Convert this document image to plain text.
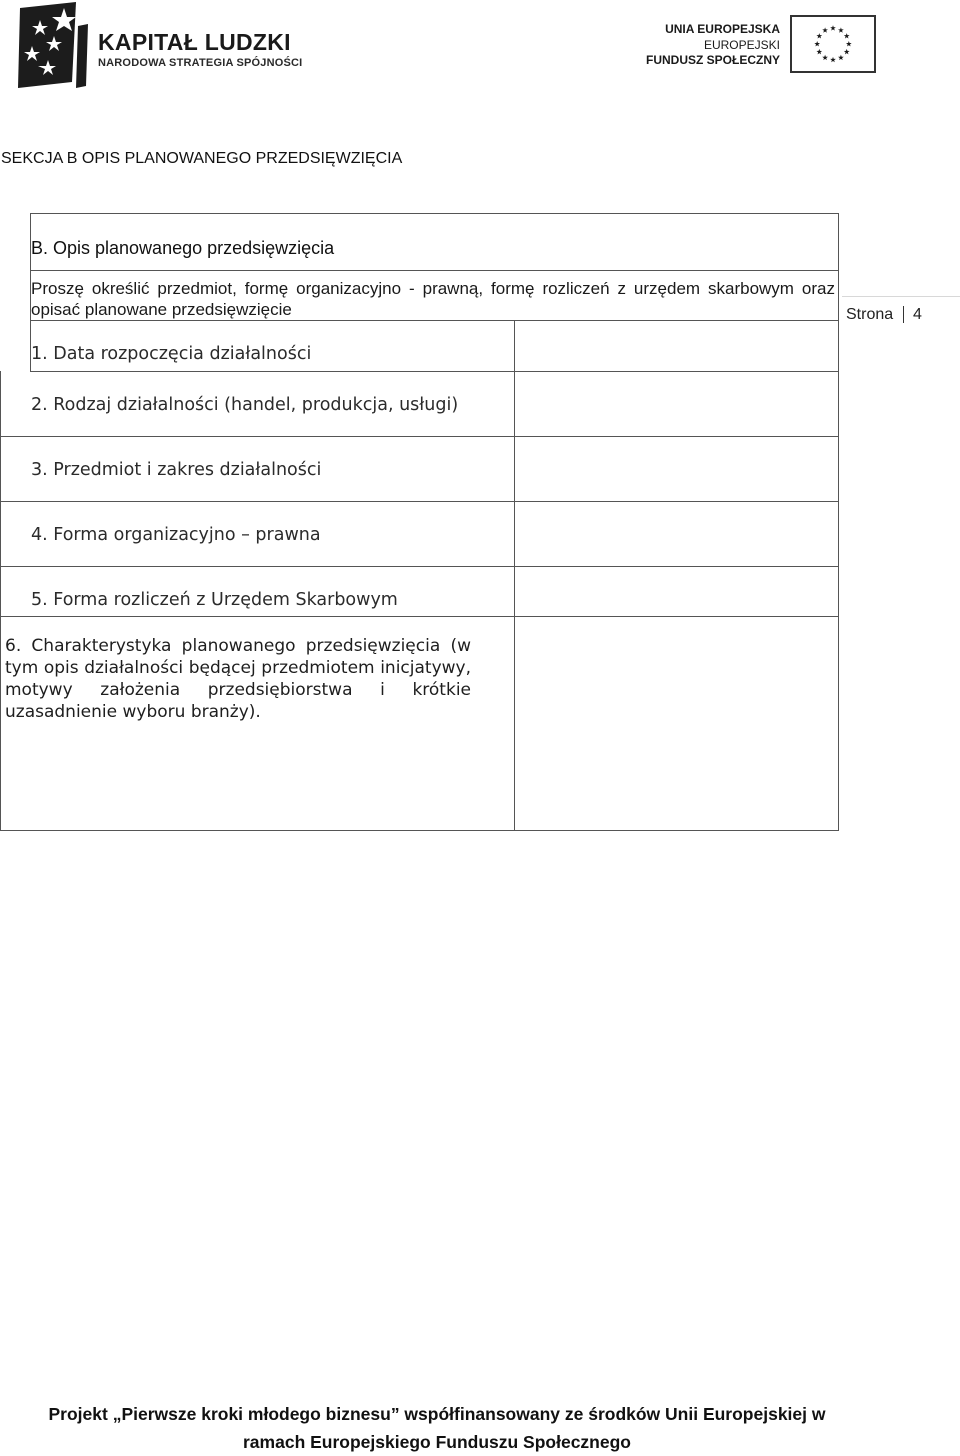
KAPITAŁ LUDZKI
NARODOWA STRATEGIA SPÓJNOŚCI
UNIA EUROPEJSKA
EUROPEJSKI
FUNDUSZ SPOŁECZNY
SEKCJA B OPIS PLANOWANEGO PRZEDSIĘWZIĘCIA
Strona 4
B. Opis planowanego przedsięwzięcia
Proszę określić przedmiot, formę organizacyjno - prawną, formę rozliczeń z urzędem skarbowym oraz opisać planowane przedsięwzięcie
1. Data rozpoczęcia działalności
2. Rodzaj działalności (handel, produkcja, usługi)
3. Przedmiot i zakres działalności
4. Forma organizacyjno – prawna
5. Forma rozliczeń z Urzędem Skarbowym
6. Charakterystyka planowanego przedsięwzięcia (w tym opis działalności będącej przedmiotem inicjatywy, motywy założenia przedsiębiorstwa i krótkie uzasadnienie wyboru branży).
Projekt „Pierwsze kroki młodego biznesu” współfinansowany ze środków Unii Europejskiej w
ramach Europejskiego Funduszu Społecznego
